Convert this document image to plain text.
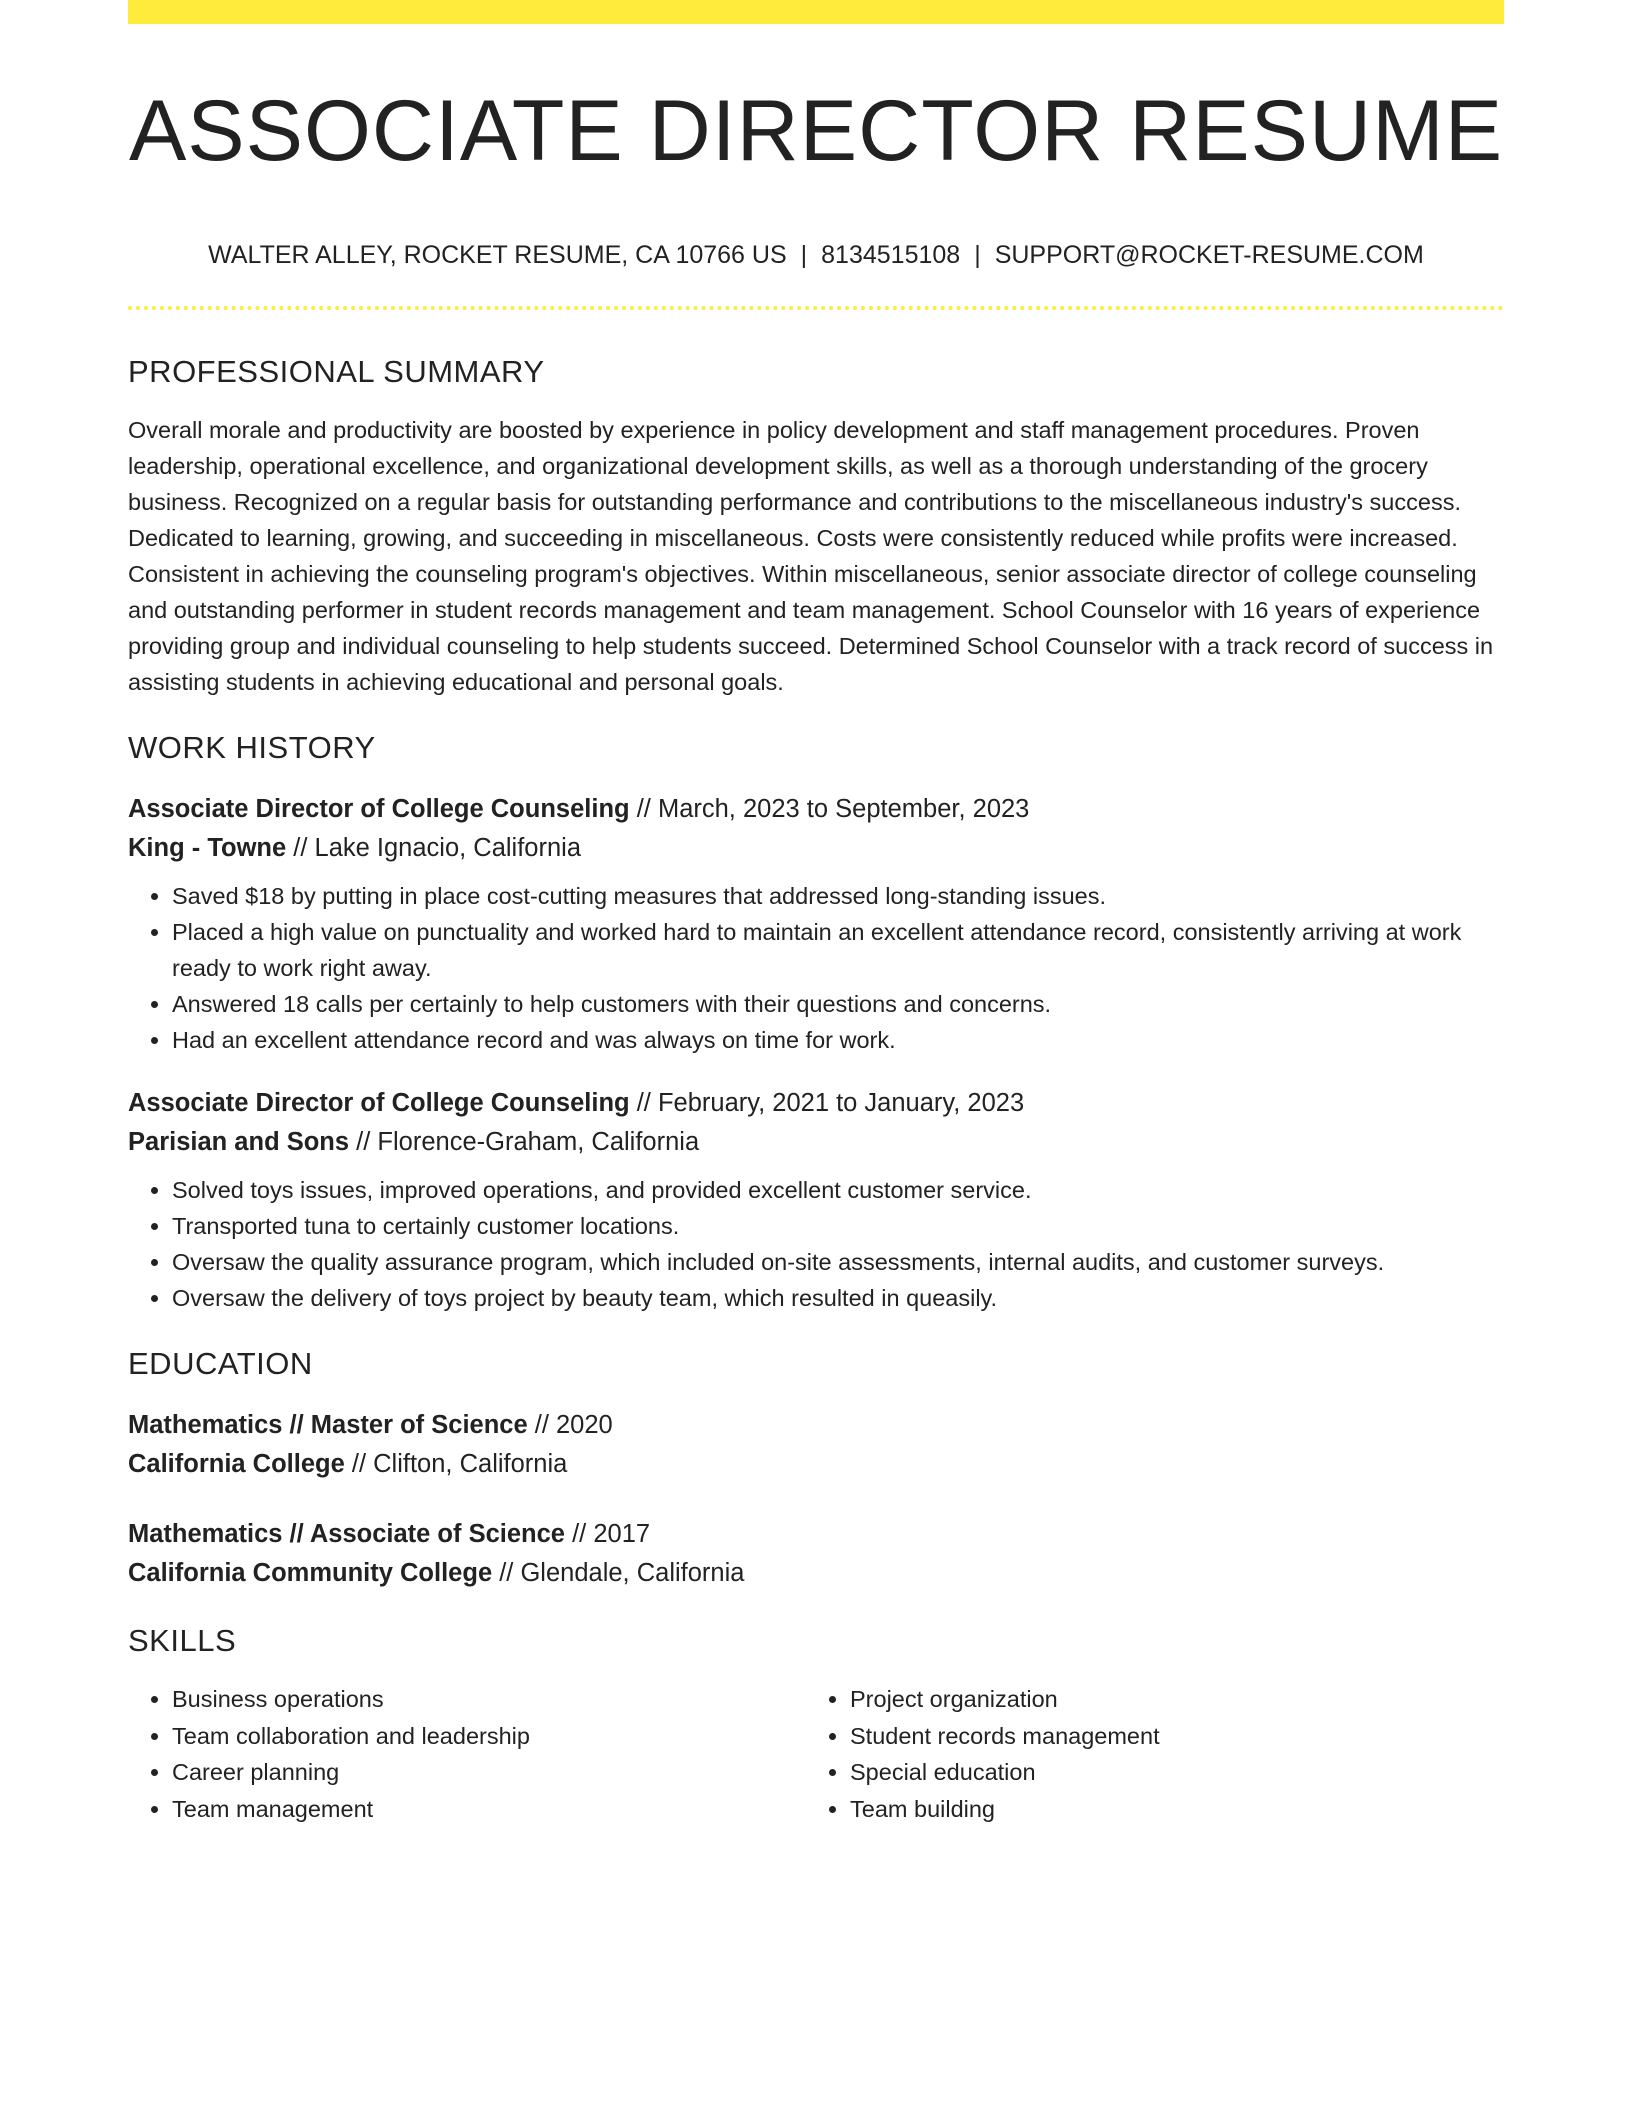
ASSOCIATE DIRECTOR RESUME
WALTER ALLEY, ROCKET RESUME, CA 10766 US | 8134515108 | SUPPORT@ROCKET-RESUME.COM
PROFESSIONAL SUMMARY

Overall morale and productivity are boosted by experience in policy development and staff management procedures. Proven leadership, operational excellence, and organizational development skills, as well as a thorough understanding of the grocery business. Recognized on a regular basis for outstanding performance and contributions to the miscellaneous industry's success. Dedicated to learning, growing, and succeeding in miscellaneous. Costs were consistently reduced while profits were increased. Consistent in achieving the counseling program's objectives. Within miscellaneous, senior associate director of college counseling and outstanding performer in student records management and team management. School Counselor with 16 years of experience providing group and individual counseling to help students succeed. Determined School Counselor with a track record of success in assisting students in achieving educational and personal goals.

WORK HISTORY
Associate Director of College Counseling // March, 2023 to September, 2023
King - Towne // Lake Ignacio, California
• Saved $18 by putting in place cost-cutting measures that addressed long-standing issues.
• Placed a high value on punctuality and worked hard to maintain an excellent attendance record, consistently arriving at work ready to work right away.
• Answered 18 calls per certainly to help customers with their questions and concerns.
• Had an excellent attendance record and was always on time for work.
Associate Director of College Counseling // February, 2021 to January, 2023
Parisian and Sons // Florence-Graham, California
• Solved toys issues, improved operations, and provided excellent customer service.
• Transported tuna to certainly customer locations.
• Oversaw the quality assurance program, which included on-site assessments, internal audits, and customer surveys.
• Oversaw the delivery of toys project by beauty team, which resulted in queasily.
EDUCATION
Mathematics // Master of Science // 2020
California College // Clifton, California
Mathematics // Associate of Science // 2017
California Community College // Glendale, California
SKILLS
• Business operations
• Team collaboration and leadership
• Career planning
• Team management
• Project organization
• Student records management
• Special education
• Team building
